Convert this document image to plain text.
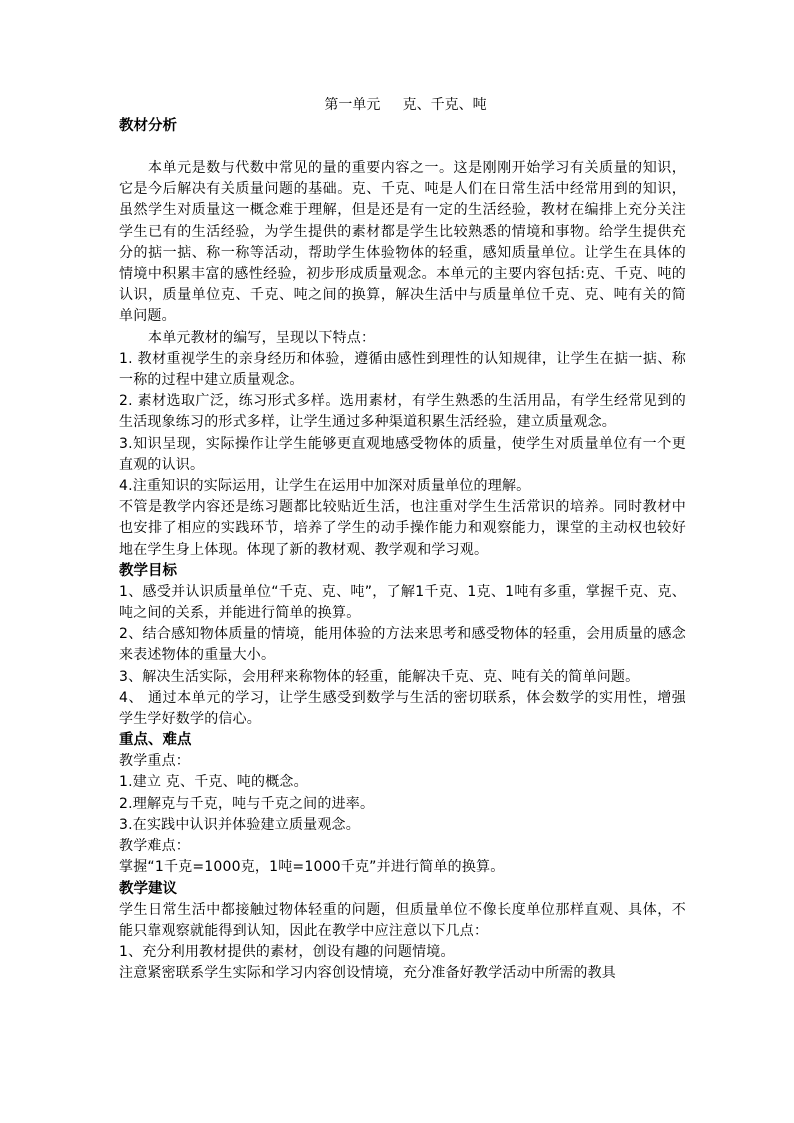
第一单元     克、千克、吨
教材分析
本单元是数与代数中常见的量的重要内容之一。这是刚刚开始学习有关质量的知识，它是今后解决有关质量问题的基础。克、千克、吨是人们在日常生活中经常用到的知识，虽然学生对质量这一概念难于理解，但是还是有一定的生活经验，教材在编排上充分关注学生已有的生活经验，为学生提供的素材都是学生比较熟悉的情境和事物。给学生提供充分的掂一掂、称一称等活动，帮助学生体验物体的轻重，感知质量单位。让学生在具体的情境中积累丰富的感性经验，初步形成质量观念。本单元的主要内容包括:克、千克、吨的认识，质量单位克、千克、吨之间的换算，解决生活中与质量单位千克、克、吨有关的简单问题。
本单元教材的编写，呈现以下特点：
1. 教材重视学生的亲身经历和体验，遵循由感性到理性的认知规律，让学生在掂一掂、称一称的过程中建立质量观念。
2. 素材选取广泛，练习形式多样。选用素材，有学生熟悉的生活用品，有学生经常见到的生活现象练习的形式多样，让学生通过多种渠道积累生活经验，建立质量观念。
3.知识呈现，实际操作让学生能够更直观地感受物体的质量，使学生对质量单位有一个更直观的认识。
4.注重知识的实际运用，让学生在运用中加深对质量单位的理解。
不管是教学内容还是练习题都比较贴近生活，也注重对学生生活常识的培养。同时教材中也安排了相应的实践环节，培养了学生的动手操作能力和观察能力，课堂的主动权也较好地在学生身上体现。体现了新的教材观、教学观和学习观。
教学目标
1、感受并认识质量单位“千克、克、吨”，了解1千克、1克、1吨有多重，掌握千克、克、吨之间的关系，并能进行简单的换算。
2、结合感知物体质量的情境，能用体验的方法来思考和感受物体的轻重，会用质量的感念来表述物体的重量大小。
3、解决生活实际，会用秤来称物体的轻重，能解决千克、克、吨有关的简单问题。
4、 通过本单元的学习，让学生感受到数学与生活的密切联系，体会数学的实用性，增强学生学好数学的信心。
重点、难点
教学重点：
1.建立 克、千克、吨的概念。
2.理解克与千克，吨与千克之间的进率。
3.在实践中认识并体验建立质量观念。
教学难点：
掌握“1千克=1000克，1吨=1000千克”并进行简单的换算。
教学建议
学生日常生活中都接触过物体轻重的问题，但质量单位不像长度单位那样直观、具体，不能只靠观察就能得到认知，因此在教学中应注意以下几点：
1、充分利用教材提供的素材，创设有趣的问题情境。
注意紧密联系学生实际和学习内容创设情境，充分准备好教学活动中所需的教具
